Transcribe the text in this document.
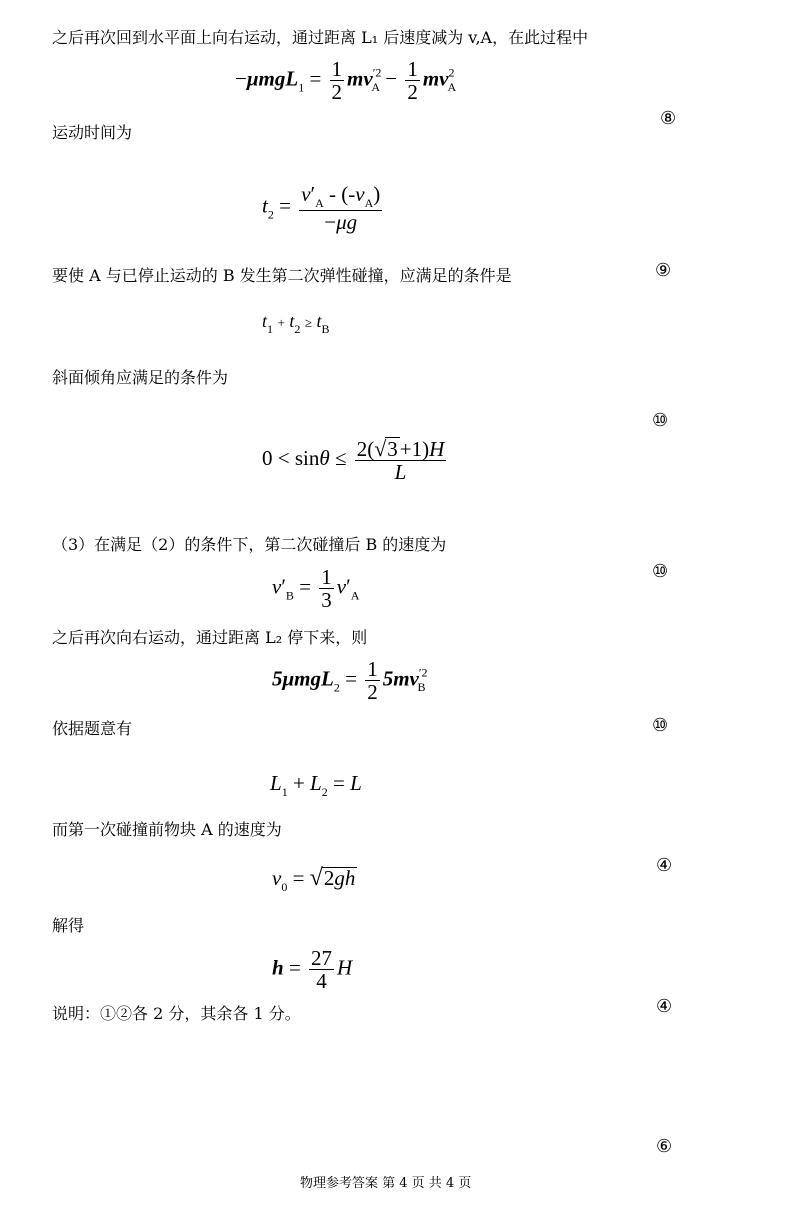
之后再次回到水平面上向右运动，通过距离 L₁ 后速度减为 v,A，在此过程中
$-\mu mgL_1 = \frac{1}{2} mv^{'2}_A - \frac{1}{2} mv^2_A$
运动时间为
⑧
$t_2 = \frac{v'_A - (-v_A)}{-\mu g}$
要使 A 与已停止运动的 B 发生第二次弹性碰撞，应满足的条件是	⑨
$t_1 + t_2 \ge t_B$
斜面倾角应满足的条件为
⑩
$0 < \sin\theta \le \frac{2(√3+1)H}{L}$
（3）在满足（2）的条件下，第二次碰撞后 B 的速度为
⑩
$v'_B = \frac{1}{3} v'_A$
之后再次向右运动，通过距离 L₂ 停下来，则
$5\mu mgL_2 = \frac{1}{2} 5mv^{'2}_B$
依据题意有	⑩
$L_1 + L_2 = L$
而第一次碰撞前物块 A 的速度为
④
$v_0 = √2gh$
解得
$h = \frac{27}{4}$ H
说明：①②各 2 分，其余各 1 分。	④
⑥
物理参考答案 第 4 页 共 4 页
